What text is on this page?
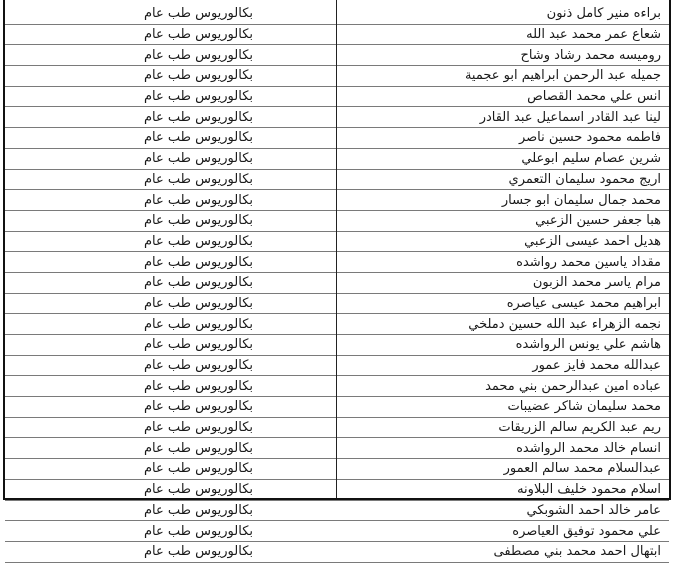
براءه منير كامل ذنون
بكالوريوس طب عام
شعاع عمر محمد عبد الله
بكالوريوس طب عام
روميسه محمد رشاد وشاح
بكالوريوس طب عام
جميله عبد الرحمن ابراهيم ابو عجمية
بكالوريوس طب عام
انس علي محمد القصاص
بكالوريوس طب عام
لينا عبد القادر اسماعيل عبد القادر
بكالوريوس طب عام
فاطمه محمود حسين ناصر
بكالوريوس طب عام
شرين عصام سليم ابوعلي
بكالوريوس طب عام
اريج محمود سليمان التعمري
بكالوريوس طب عام
محمد جمال سليمان ابو جسار
بكالوريوس طب عام
هبا جعفر حسين الزعبي
بكالوريوس طب عام
هديل احمد عيسى الزعبي
بكالوريوس طب عام
مقداد ياسين محمد رواشده
بكالوريوس طب عام
مرام ياسر محمد الزبون
بكالوريوس طب عام
ابراهيم محمد عيسى عياصره
بكالوريوس طب عام
نجمه الزهراء عبد الله حسين دملخي
بكالوريوس طب عام
هاشم علي يونس الرواشده
بكالوريوس طب عام
عبدالله محمد فايز عمور
بكالوريوس طب عام
عباده امين عبدالرحمن بني محمد
بكالوريوس طب عام
محمد سليمان شاكر عضيبات
بكالوريوس طب عام
ريم عبد الكريم سالم الزريقات
بكالوريوس طب عام
انسام خالد محمد الرواشده
بكالوريوس طب عام
عبدالسلام محمد سالم العمور
بكالوريوس طب عام
اسلام محمود خليف البلاونه
بكالوريوس طب عام
عامر خالد احمد الشوبكي
بكالوريوس طب عام
علي محمود توفيق العياصره
بكالوريوس طب عام
ابتهال احمد محمد بني مصطفى
بكالوريوس طب عام
